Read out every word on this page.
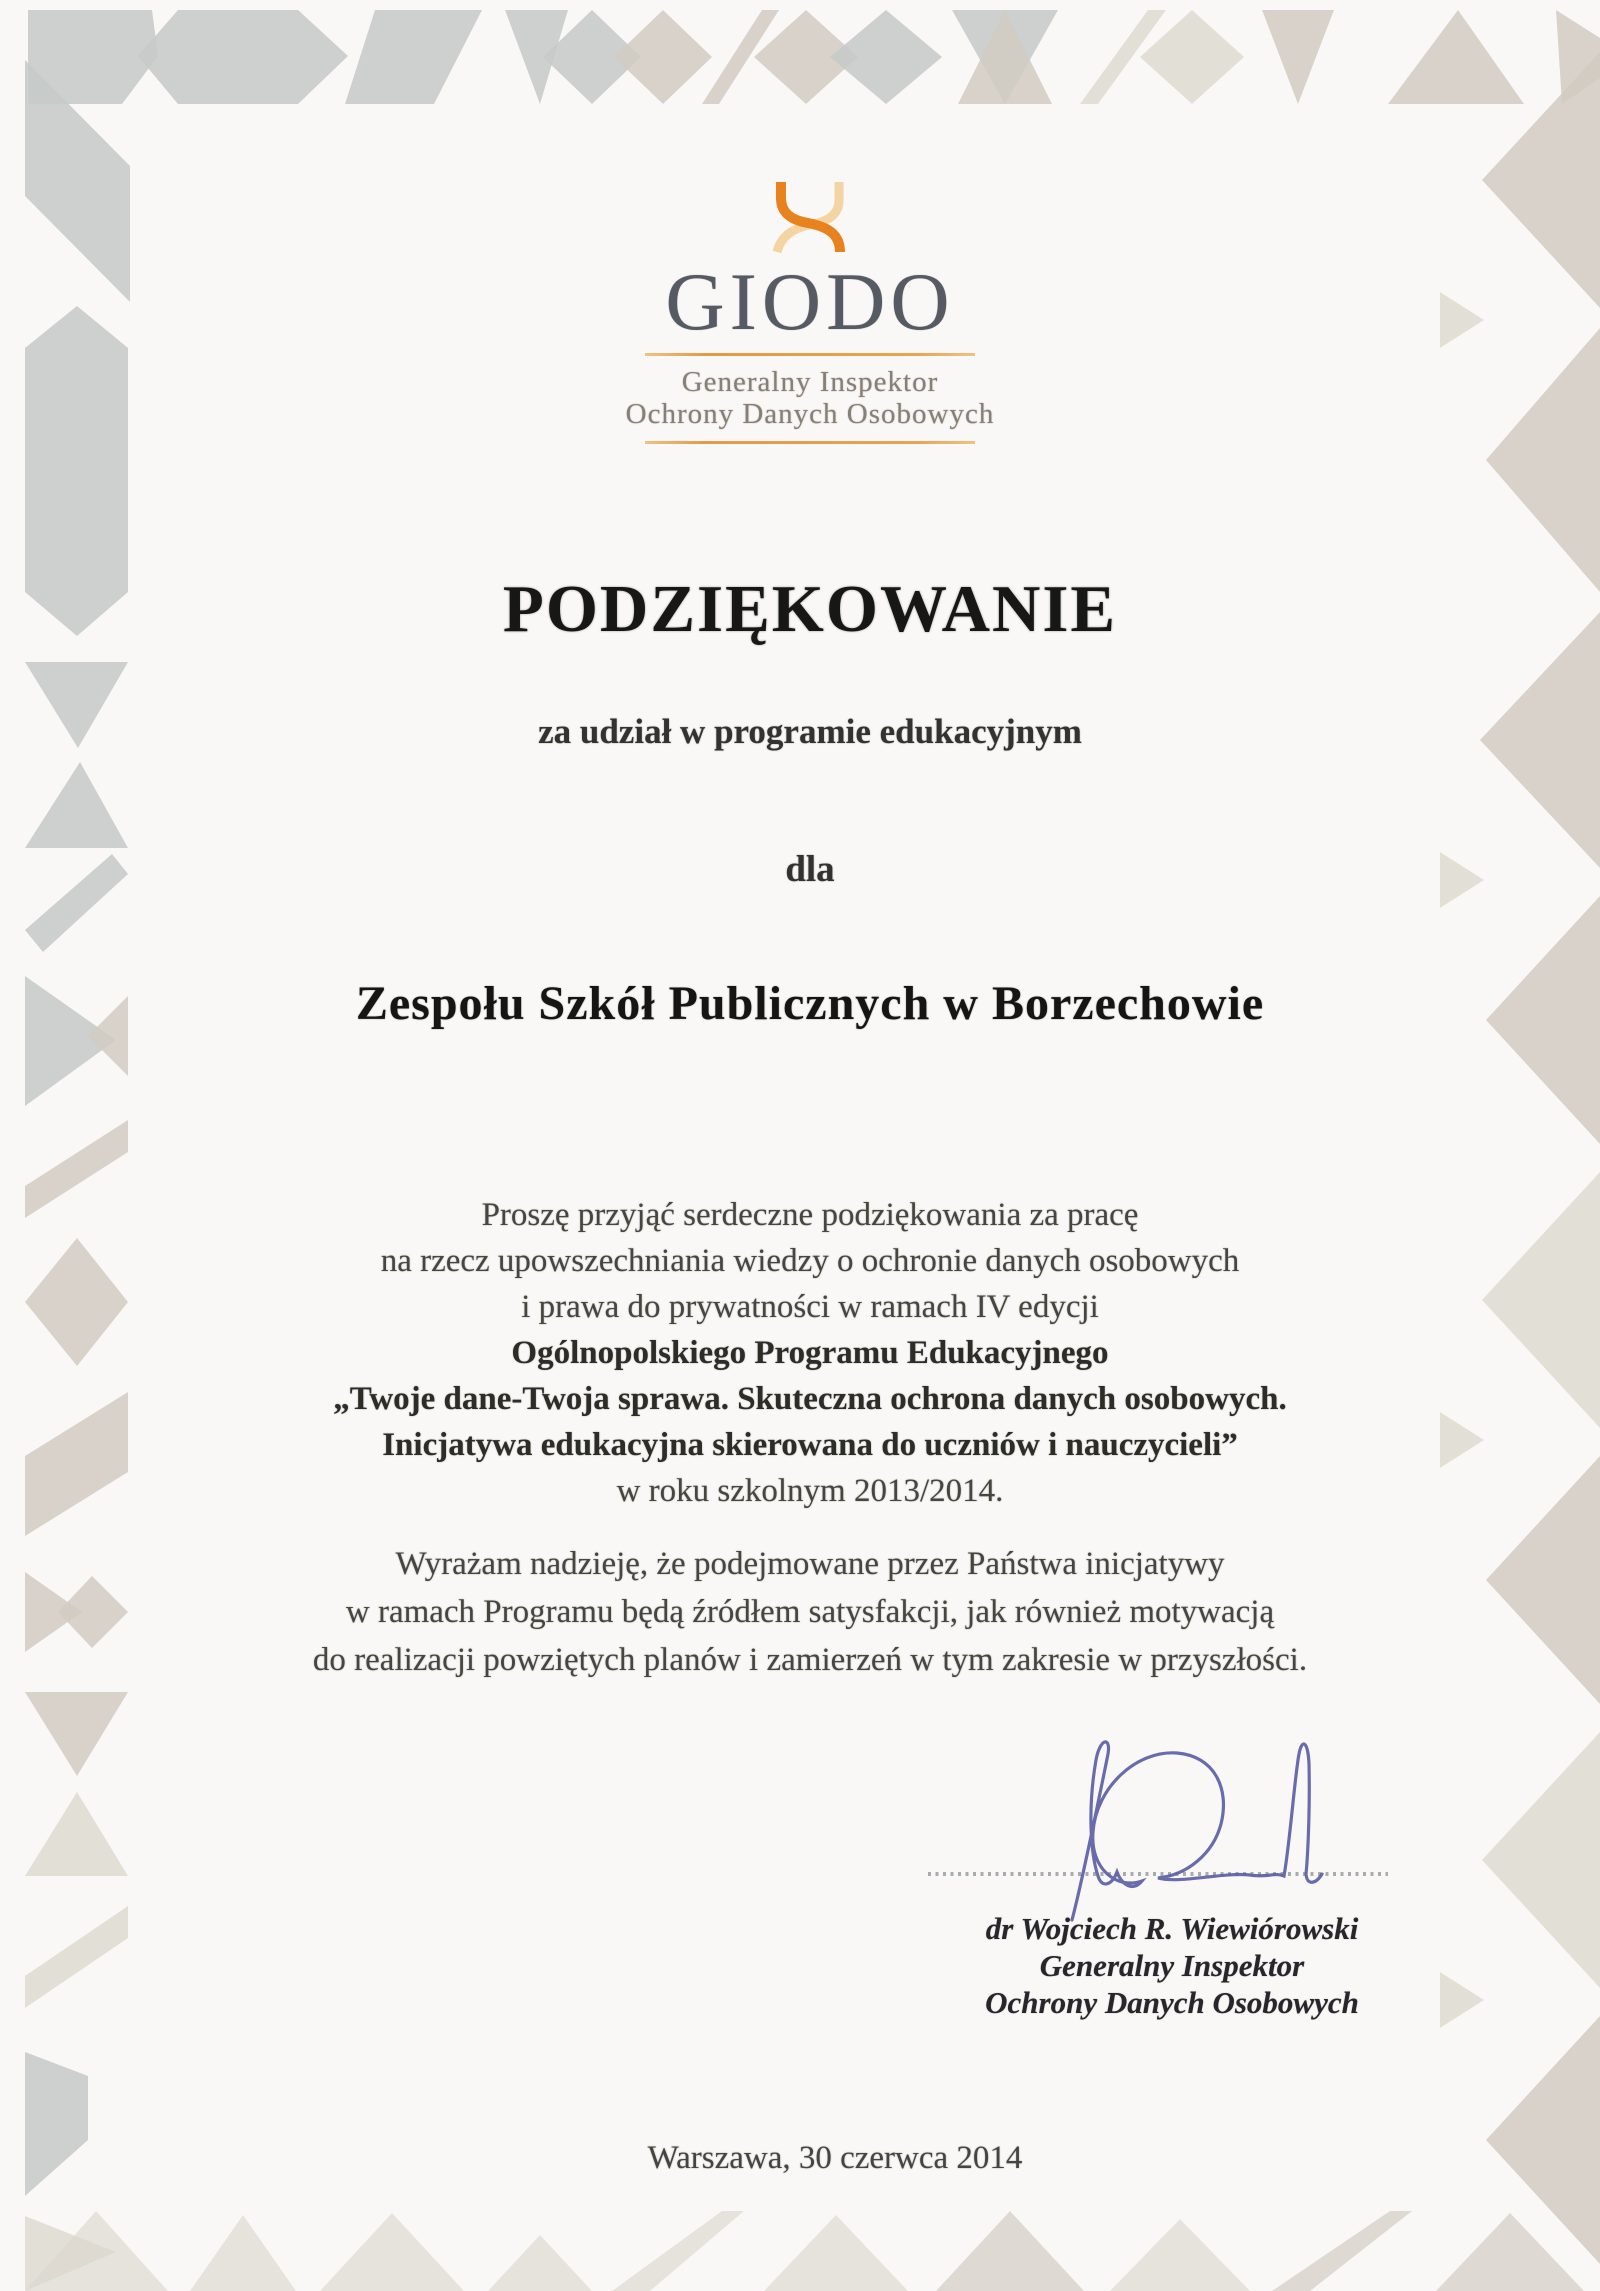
GIODO
Generalny Inspektor
Ochrony Danych Osobowych
PODZIĘKOWANIE
za udział w programie edukacyjnym
dla
Zespołu Szkół Publicznych w Borzechowie
Proszę przyjąć serdeczne podziękowania za pracę
na rzecz upowszechniania wiedzy o ochronie danych osobowych
i prawa do prywatności w ramach IV edycji
Ogólnopolskiego Programu Edukacyjnego
„Twoje dane-Twoja sprawa. Skuteczna ochrona danych osobowych.
Inicjatywa edukacyjna skierowana do uczniów i nauczycieli”
w roku szkolnym 2013/2014.
Wyrażam nadzieję, że podejmowane przez Państwa inicjatywy
w ramach Programu będą źródłem satysfakcji, jak również motywacją
do realizacji powziętych planów i zamierzeń w tym zakresie w przyszłości.
dr Wojciech R. Wiewiórowski
Generalny Inspektor
Ochrony Danych Osobowych
Warszawa, 30 czerwca 2014
